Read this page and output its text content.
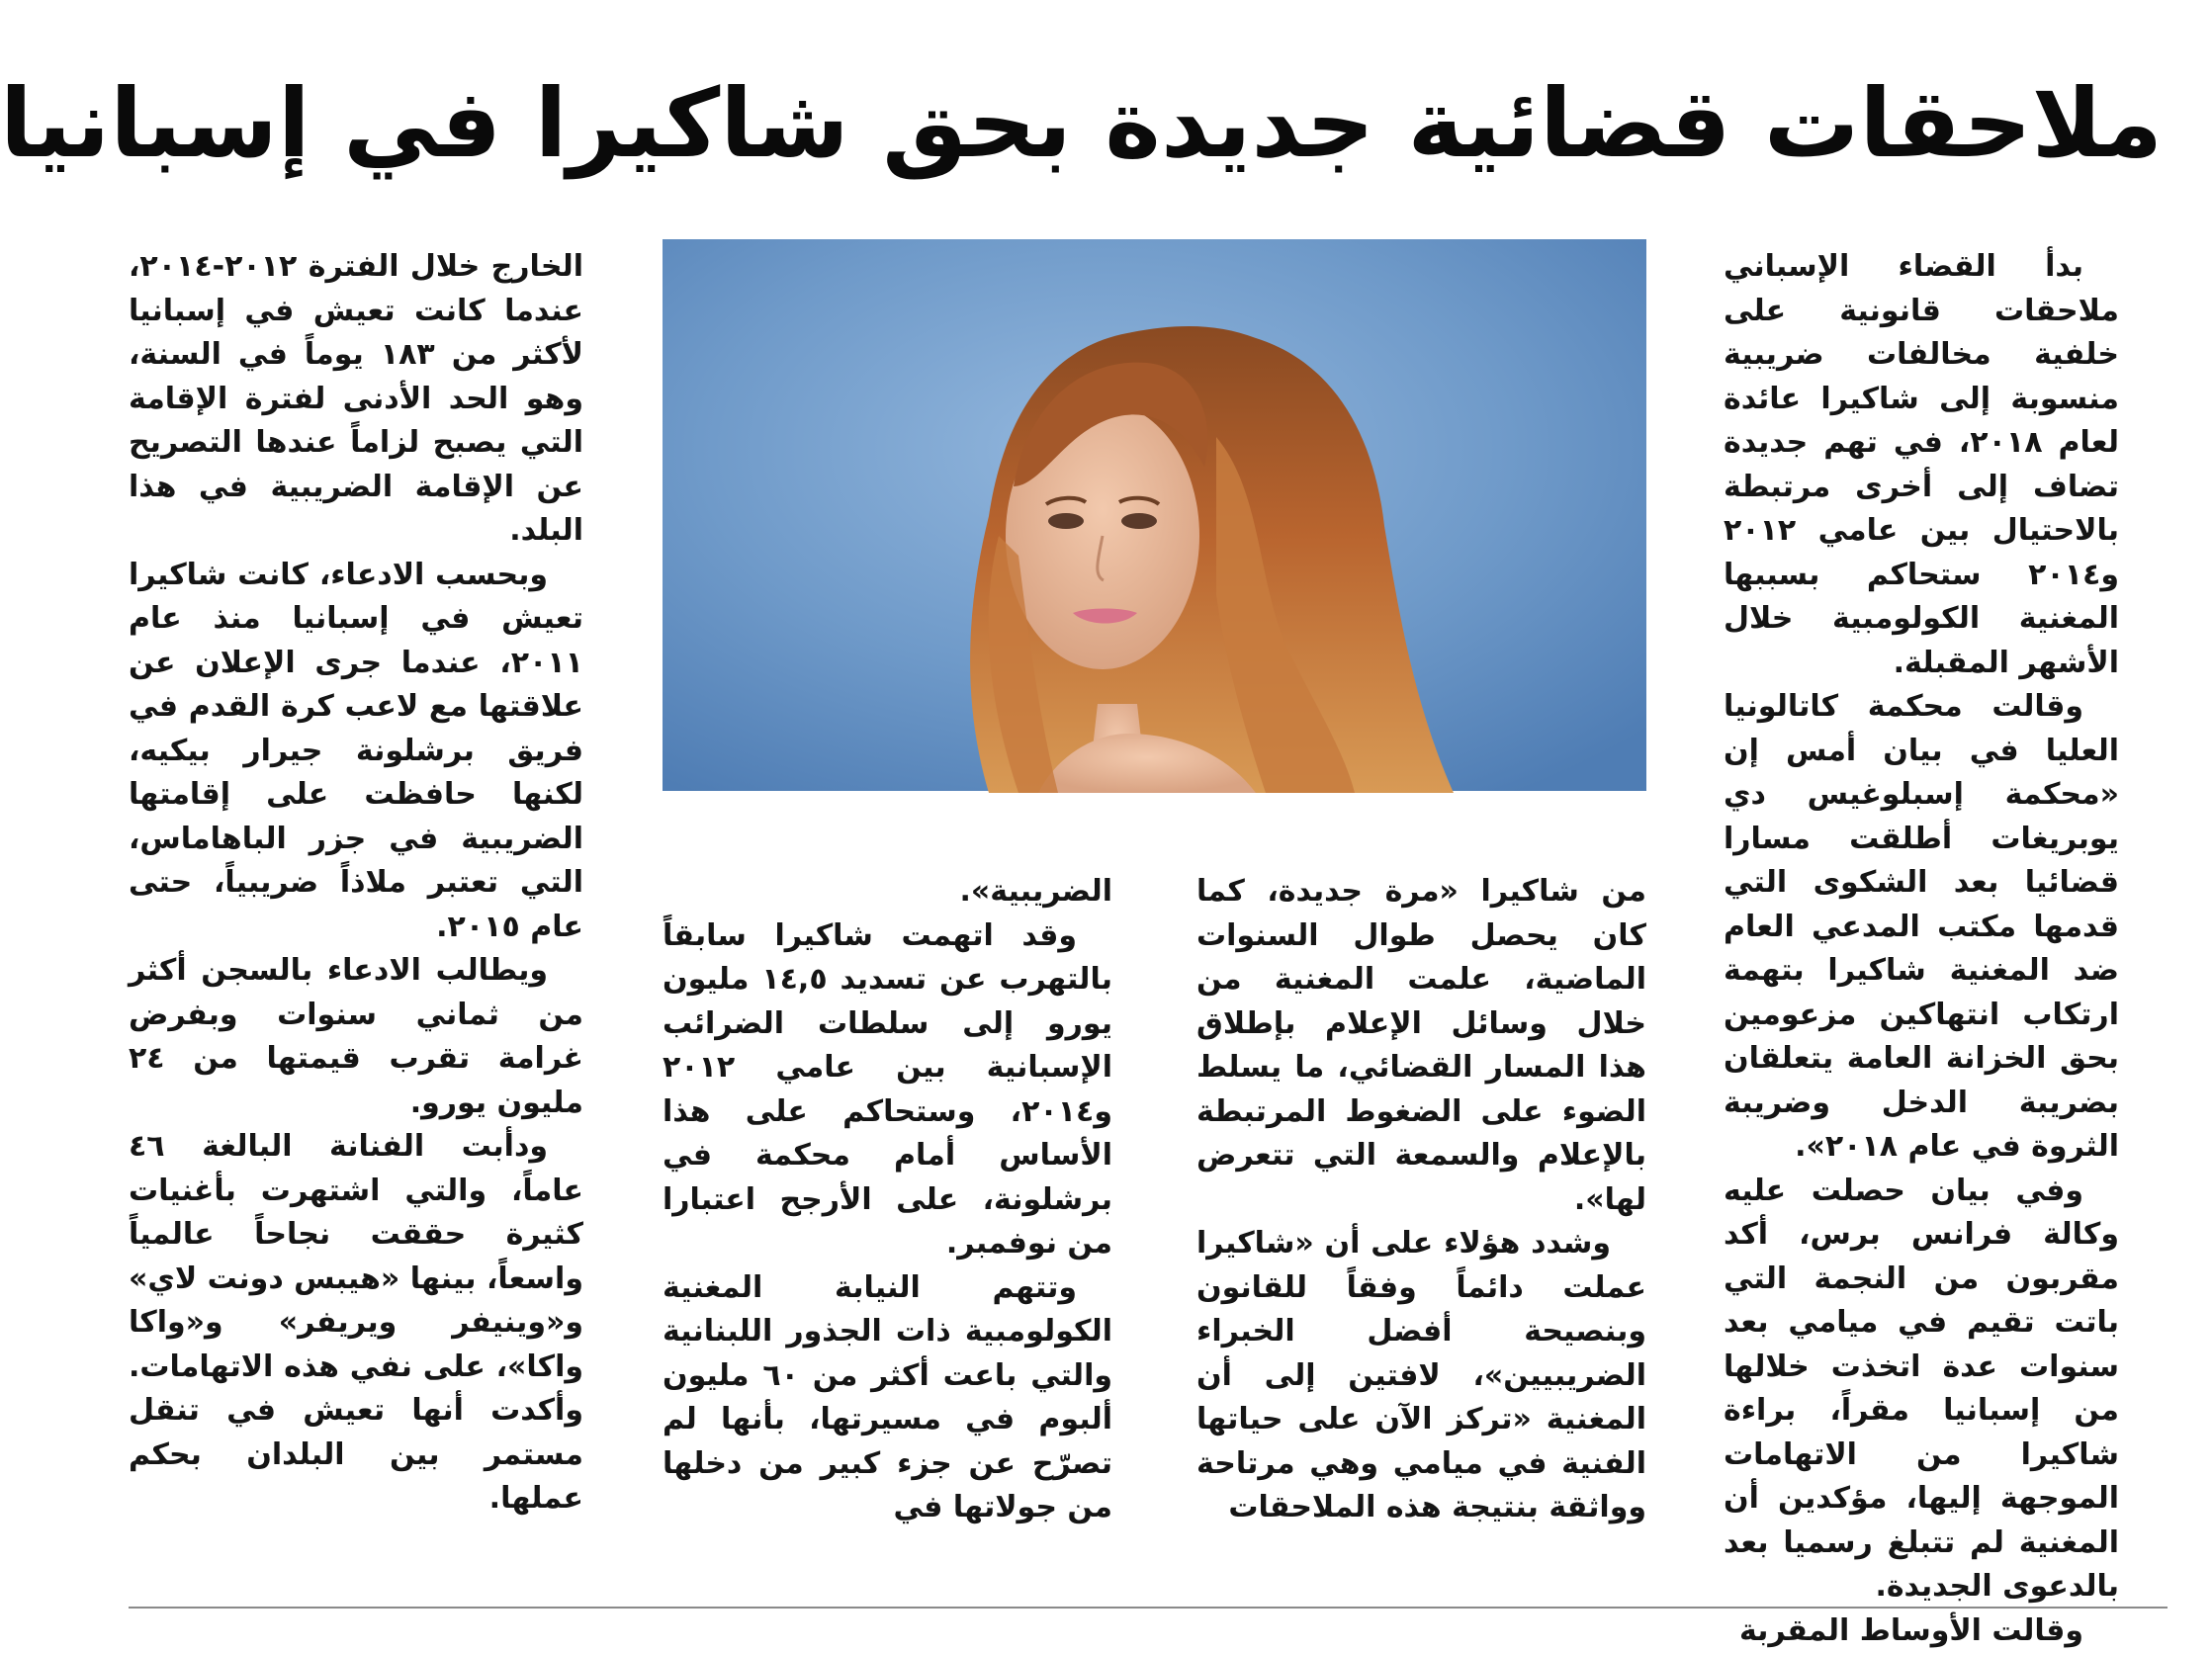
ملاحقات قضائية جديدة بحق شاكيرا في إسبانيا

بدأ القضاء الإسباني ملاحقات قانونية على خلفية مخالفات ضريبية منسوبة إلى شاكيرا عائدة لعام ٢٠١٨، في تهم جديدة تضاف إلى أخرى مرتبطة بالاحتيال بين عامي ٢٠١٢ و٢٠١٤ ستحاكم بسببها المغنية الكولومبية خلال الأشهر المقبلة.

وقالت محكمة كاتالونيا العليا في بيان أمس إن «محكمة إسبلوغيس دي يوبريغات أطلقت مسارا قضائيا بعد الشكوى التي قدمها مكتب المدعي العام ضد المغنية شاكيرا بتهمة ارتكاب انتهاكين مزعومين بحق الخزانة العامة يتعلقان بضريبة الدخل وضريبة الثروة في عام ٢٠١٨».

وفي بيان حصلت عليه وكالة فرانس برس، أكد مقربون من النجمة التي باتت تقيم في ميامي بعد سنوات عدة اتخذت خلالها من إسبانيا مقراً، براءة شاكيرا من الاتهامات الموجهة إليها، مؤكدين أن المغنية لم تتبلغ رسميا بعد بالدعوى الجديدة.

وقالت الأوساط المقربة

من شاكيرا «مرة جديدة، كما كان يحصل طوال السنوات الماضية، علمت المغنية من خلال وسائل الإعلام بإطلاق هذا المسار القضائي، ما يسلط الضوء على الضغوط المرتبطة بالإعلام والسمعة التي تتعرض لها».

وشدد هؤلاء على أن «شاكيرا عملت دائماً وفقاً للقانون وبنصيحة أفضل الخبراء الضريبيين»، لافتين إلى أن المغنية «تركز الآن على حياتها الفنية في ميامي وهي مرتاحة وواثقة بنتيجة هذه الملاحقات

الضريبية».

وقد اتهمت شاكيرا سابقاً بالتهرب عن تسديد ١٤,٥ مليون يورو إلى سلطات الضرائب الإسبانية بين عامي ٢٠١٢ و٢٠١٤، وستحاكم على هذا الأساس أمام محكمة في برشلونة، على الأرجح اعتبارا من نوفمبر.

وتتهم النيابة المغنية الكولومبية ذات الجذور اللبنانية والتي باعت أكثر من ٦٠ مليون ألبوم في مسيرتها، بأنها لم تصرّح عن جزء كبير من دخلها من جولاتها في

الخارج خلال الفترة ٢٠١٢-٢٠١٤، عندما كانت تعيش في إسبانيا لأكثر من ١٨٣ يوماً في السنة، وهو الحد الأدنى لفترة الإقامة التي يصبح لزاماً عندها التصريح عن الإقامة الضريبية في هذا البلد.

وبحسب الادعاء، كانت شاكيرا تعيش في إسبانيا منذ عام ٢٠١١، عندما جرى الإعلان عن علاقتها مع لاعب كرة القدم في فريق برشلونة جيرار بيكيه، لكنها حافظت على إقامتها الضريبية في جزر الباهاماس، التي تعتبر ملاذاً ضريبياً، حتى عام ٢٠١٥.

ويطالب الادعاء بالسجن أكثر من ثماني سنوات وبفرض غرامة تقرب قيمتها من ٢٤ مليون يورو.

ودأبت الفنانة البالغة ٤٦ عاماً، والتي اشتهرت بأغنيات كثيرة حققت نجاحاً عالمياً واسعاً، بينها «هيبس دونت لاي» و«وينيفر ويريفر» و«واكا واكا»، على نفي هذه الاتهامات. وأكدت أنها تعيش في تنقل مستمر بين البلدان بحكم عملها.
